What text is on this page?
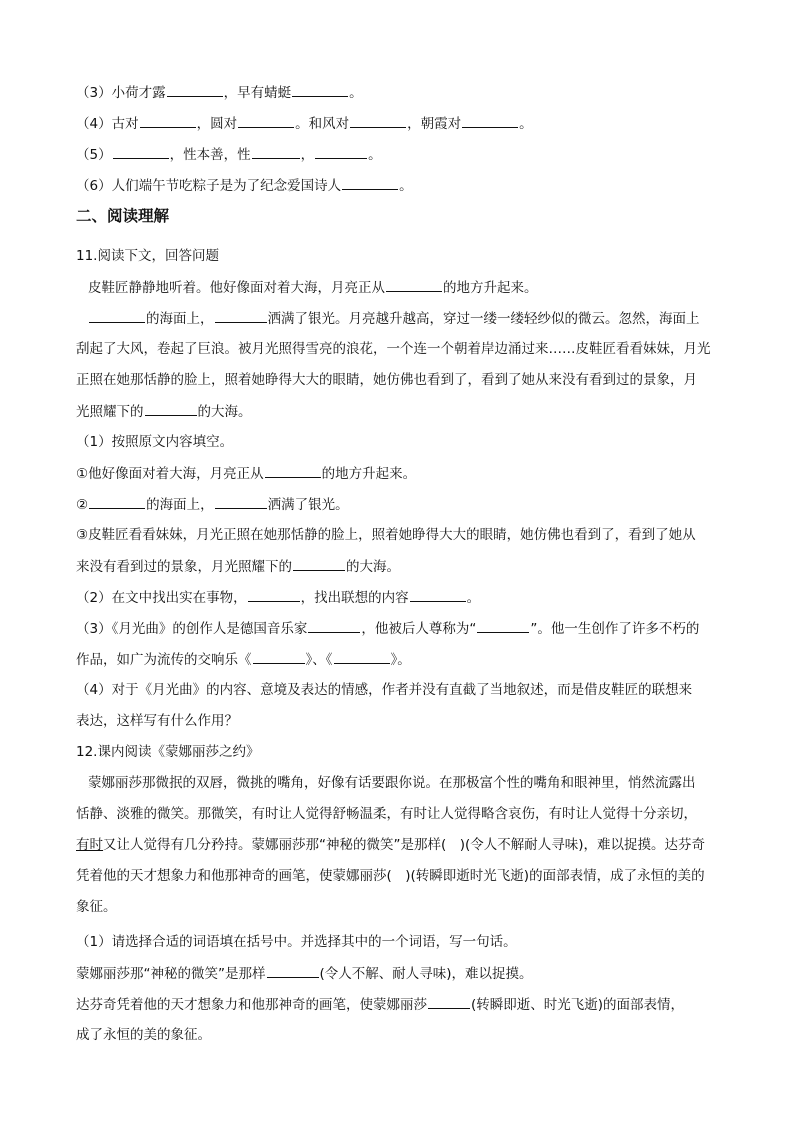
（3）小荷才露	，早有蜻蜓	。
（4）古对	，圆对	。和风对	，朝霞对	。
（5）	，性本善，性	，	。
（6）人们端午节吃粽子是为了纪念爱国诗人	。
二、阅读理解
11.阅读下文，回答问题
皮鞋匠静静地听着。他好像面对着大海，月亮正从	的地方升起来。
的海面上，	洒满了银光。月亮越升越高，穿过一缕一缕轻纱似的微云。忽然，海面上
刮起了大风，卷起了巨浪。被月光照得雪亮的浪花，一个连一个朝着岸边涌过来……皮鞋匠看看妹妹，月光
正照在她那恬静的脸上，照着她睁得大大的眼睛，她仿佛也看到了，看到了她从来没有看到过的景象，月
光照耀下的	的大海。
（1）按照原文内容填空。
①他好像面对着大海，月亮正从	的地方升起来。
②	的海面上，	洒满了银光。
③皮鞋匠看看妹妹，月光正照在她那恬静的脸上，照着她睁得大大的眼睛，她仿佛也看到了，看到了她从
来没有看到过的景象，月光照耀下的	的大海。
（2）在文中找出实在事物，	，找出联想的内容	。
（3）《月光曲》的创作人是德国音乐家	，他被后人尊称为“	”。他一生创作了许多不朽的
作品，如广为流传的交响乐《	》、《	》。
（4）对于《月光曲》的内容、意境及表达的情感，作者并没有直截了当地叙述，而是借皮鞋匠的联想来
表达，这样写有什么作用？
12.课内阅读《蒙娜丽莎之约》
蒙娜丽莎那微抿的双唇，微挑的嘴角，好像有话要跟你说。在那极富个性的嘴角和眼神里，悄然流露出
恬静、淡雅的微笑。那微笑，有时让人觉得舒畅温柔，有时让人觉得略含哀伤，有时让人觉得十分亲切，
有时又让人觉得有几分矜持。蒙娜丽莎那“神秘的微笑”是那样(　)(令人不解耐人寻味)，难以捉摸。达芬奇
凭着他的天才想象力和他那神奇的画笔，使蒙娜丽莎(　)(转瞬即逝时光飞逝)的面部表情，成了永恒的美的
象征。
（1）请选择合适的词语填在括号中。并选择其中的一个词语，写一句话。
蒙娜丽莎那“神秘的微笑”是那样	(令人不解、耐人寻味)，难以捉摸。
达芬奇凭着他的天才想象力和他那神奇的画笔，使蒙娜丽莎	(转瞬即逝、时光飞逝)的面部表情，
成了永恒的美的象征。
